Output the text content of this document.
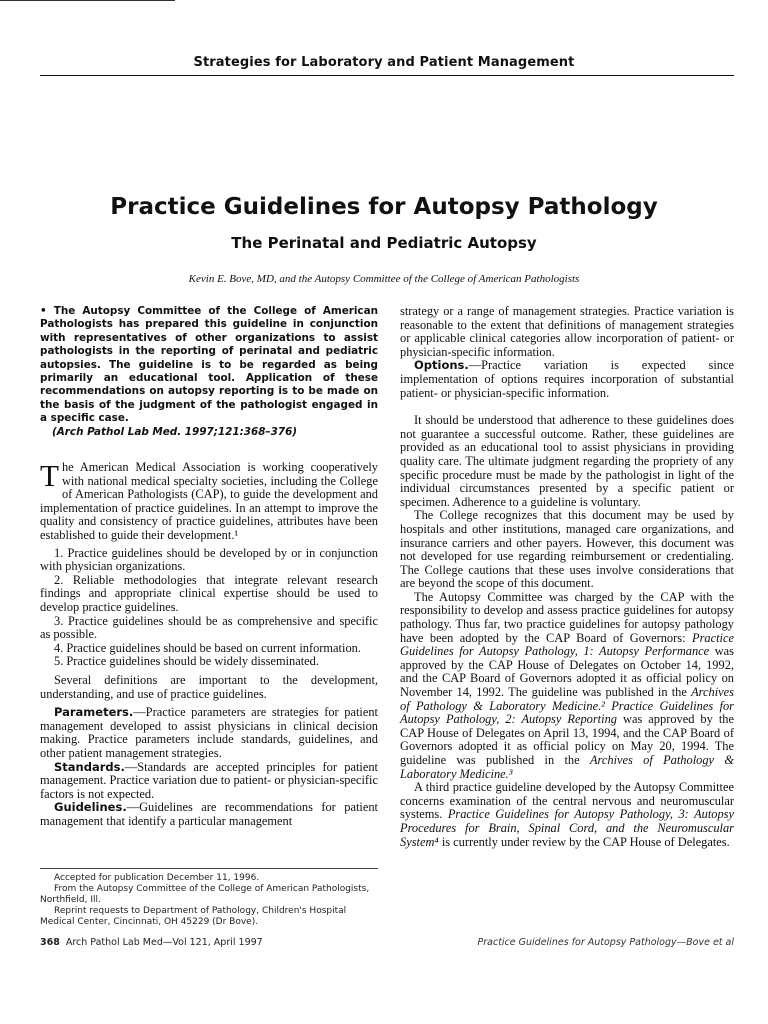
Strategies for Laboratory and Patient Management
Practice Guidelines for Autopsy Pathology
The Perinatal and Pediatric Autopsy
Kevin E. Bove, MD, and the Autopsy Committee of the College of American Pathologists
• The Autopsy Committee of the College of American Pathologists has prepared this guideline in conjunction with representatives of other organizations to assist pathologists in the reporting of perinatal and pediatric autopsies. The guideline is to be regarded as being primarily an educational tool. Application of these recommendations on autopsy reporting is to be made on the basis of the judgment of the pathologist engaged in a specific case.
(Arch Pathol Lab Med. 1997;121:368–376)

The American Medical Association is working cooperatively with national medical specialty societies, including the College of American Pathologists (CAP), to guide the development and implementation of practice guidelines. In an attempt to improve the quality and consistency of practice guidelines, attributes have been established to guide their development.¹

1. Practice guidelines should be developed by or in conjunction with physician organizations.

2. Reliable methodologies that integrate relevant research findings and appropriate clinical expertise should be used to develop practice guidelines.

3. Practice guidelines should be as comprehensive and specific as possible.

4. Practice guidelines should be based on current information.

5. Practice guidelines should be widely disseminated.

Several definitions are important to the development, understanding, and use of practice guidelines.

Parameters.—Practice parameters are strategies for patient management developed to assist physicians in clinical decision making. Practice parameters include standards, guidelines, and other patient management strategies.

Standards.—Standards are accepted principles for patient management. Practice variation due to patient- or physician-specific factors is not expected.

Guidelines.—Guidelines are recommendations for patient management that identify a particular management

strategy or a range of management strategies. Practice variation is reasonable to the extent that definitions of management strategies or applicable clinical categories allow incorporation of patient- or physician-specific information.

Options.—Practice variation is expected since implementation of options requires incorporation of substantial patient- or physician-specific information.

It should be understood that adherence to these guidelines does not guarantee a successful outcome. Rather, these guidelines are provided as an educational tool to assist physicians in providing quality care. The ultimate judgment regarding the propriety of any specific procedure must be made by the pathologist in light of the individual circumstances presented by a specific patient or specimen. Adherence to a guideline is voluntary.

The College recognizes that this document may be used by hospitals and other institutions, managed care organizations, and insurance carriers and other payers. However, this document was not developed for use regarding reimbursement or credentialing. The College cautions that these uses involve considerations that are beyond the scope of this document.

The Autopsy Committee was charged by the CAP with the responsibility to develop and assess practice guidelines for autopsy pathology. Thus far, two practice guidelines for autopsy pathology have been adopted by the CAP Board of Governors: Practice Guidelines for Autopsy Pathology, 1: Autopsy Performance was approved by the CAP House of Delegates on October 14, 1992, and the CAP Board of Governors adopted it as official policy on November 14, 1992. The guideline was published in the Archives of Pathology & Laboratory Medicine.² Practice Guidelines for Autopsy Pathology, 2: Autopsy Reporting was approved by the CAP House of Delegates on April 13, 1994, and the CAP Board of Governors adopted it as official policy on May 20, 1994. The guideline was published in the Archives of Pathology & Laboratory Medicine.³

A third practice guideline developed by the Autopsy Committee concerns examination of the central nervous and neuromuscular systems. Practice Guidelines for Autopsy Pathology, 3: Autopsy Procedures for Brain, Spinal Cord, and the Neuromuscular System⁴ is currently under review by the CAP House of Delegates.

Accepted for publication December 11, 1996.

From the Autopsy Committee of the College of American Pathologists, Northfield, Ill.

Reprint requests to Department of Pathology, Children's Hospital Medical Center, Cincinnati, OH 45229 (Dr Bove).

368 Arch Pathol Lab Med—Vol 121, April 1997	Practice Guidelines for Autopsy Pathology—Bove et al
